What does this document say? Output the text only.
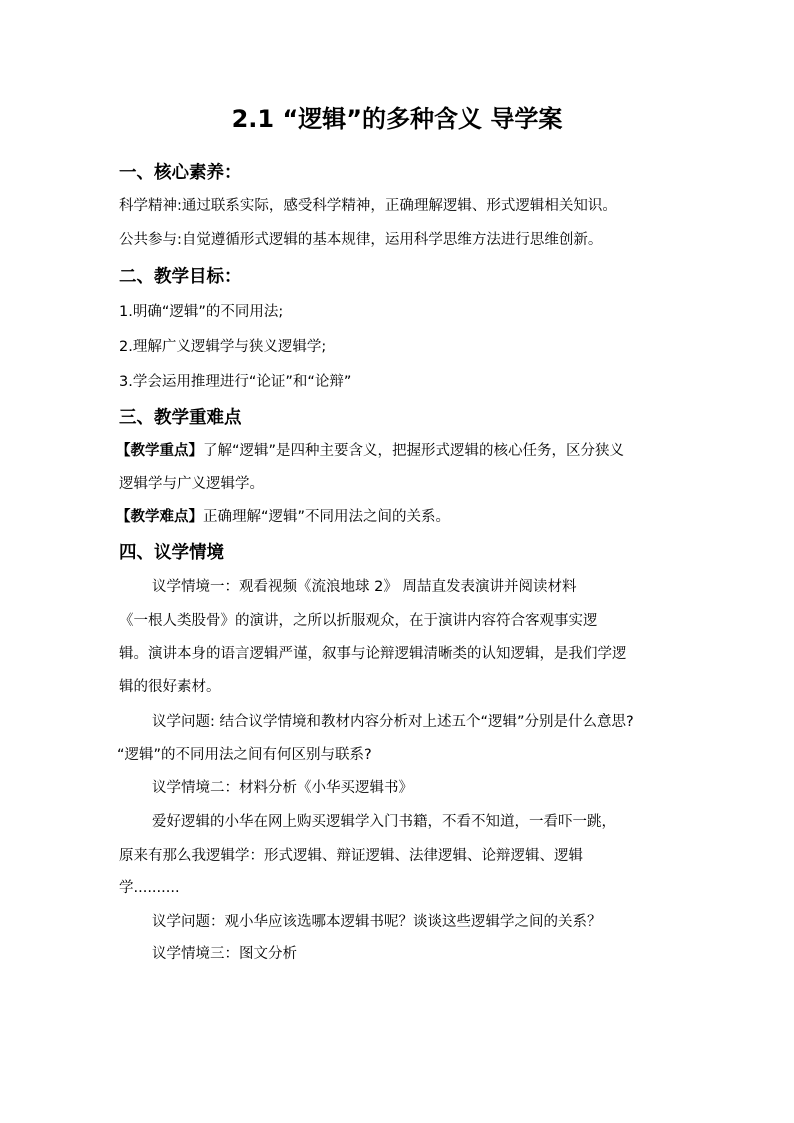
2.1 “逻辑”的多种含义 导学案
一、核心素养：
科学精神:通过联系实际，感受科学精神，正确理解逻辑、形式逻辑相关知识。
公共参与:自觉遵循形式逻辑的基本规律，运用科学思维方法进行思维创新。
二、教学目标：
1.明确“逻辑”的不同用法;
2.理解广义逻辑学与狭义逻辑学;
3.学会运用推理进行“论证”和“论辩”
三、教学重难点
【教学重点】了解“逻辑”是四种主要含义，把握形式逻辑的核心任务，区分狭义
逻辑学与广义逻辑学。
【教学难点】正确理解“逻辑”不同用法之间的关系。
四、议学情境
议学情境一：观看视频《流浪地球 2》 周喆直发表演讲并阅读材料
《一根人类股骨》的演讲，之所以折服观众，在于演讲内容符合客观事实逻
辑。演讲本身的语言逻辑严谨，叙事与论辩逻辑清晰类的认知逻辑，是我们学逻
辑的很好素材。
议学问题: 结合议学情境和教材内容分析对上述五个“逻辑”分别是什么意思?
“逻辑”的不同用法之间有何区别与联系?
议学情境二：材料分析《小华买逻辑书》
爱好逻辑的小华在网上购买逻辑学入门书籍，不看不知道，一看吓一跳，
原来有那么我逻辑学：形式逻辑、辩证逻辑、法律逻辑、论辩逻辑、逻辑
学..........
议学问题：观小华应该选哪本逻辑书呢？谈谈这些逻辑学之间的关系？
议学情境三：图文分析
